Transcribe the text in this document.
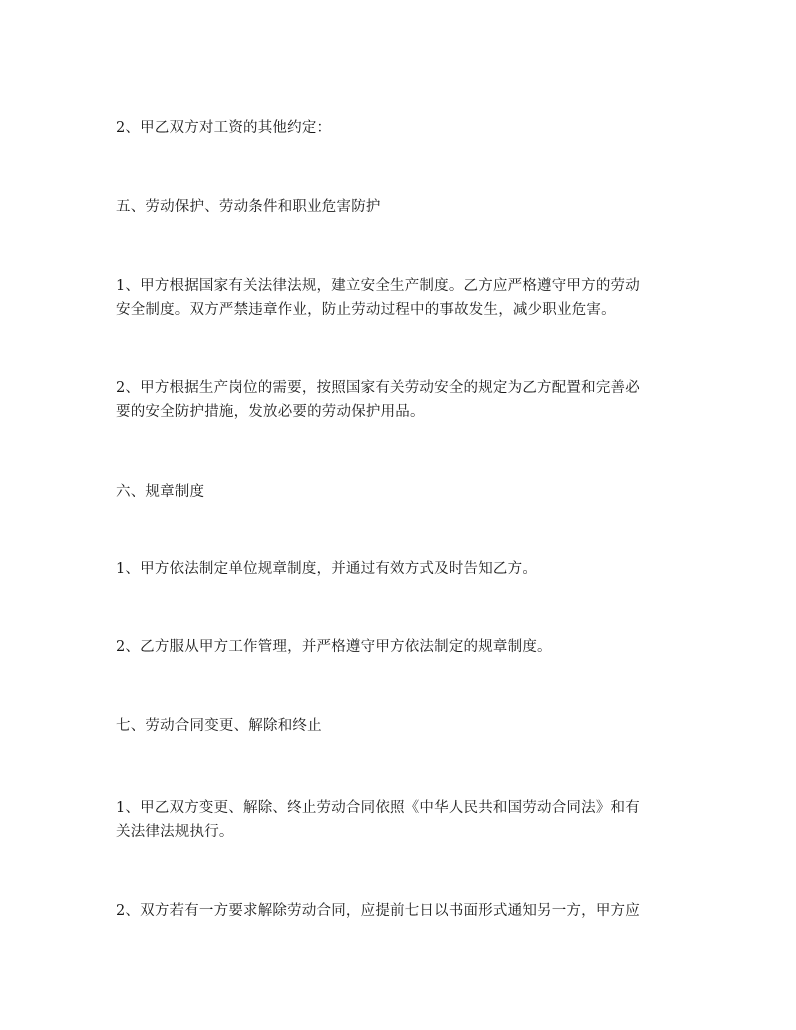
2、甲乙双方对工资的其他约定：

五、劳动保护、劳动条件和职业危害防护

1、甲方根据国家有关法律法规，建立安全生产制度。乙方应严格遵守甲方的劳动
安全制度。双方严禁违章作业，防止劳动过程中的事故发生，减少职业危害。

2、甲方根据生产岗位的需要，按照国家有关劳动安全的规定为乙方配置和完善必
要的安全防护措施，发放必要的劳动保护用品。

六、规章制度

1、甲方依法制定单位规章制度，并通过有效方式及时告知乙方。

2、乙方服从甲方工作管理，并严格遵守甲方依法制定的规章制度。

七、劳动合同变更、解除和终止

1、甲乙双方变更、解除、终止劳动合同依照《中华人民共和国劳动合同法》和有
关法律法规执行。

2、双方若有一方要求解除劳动合同，应提前七日以书面形式通知另一方，甲方应
